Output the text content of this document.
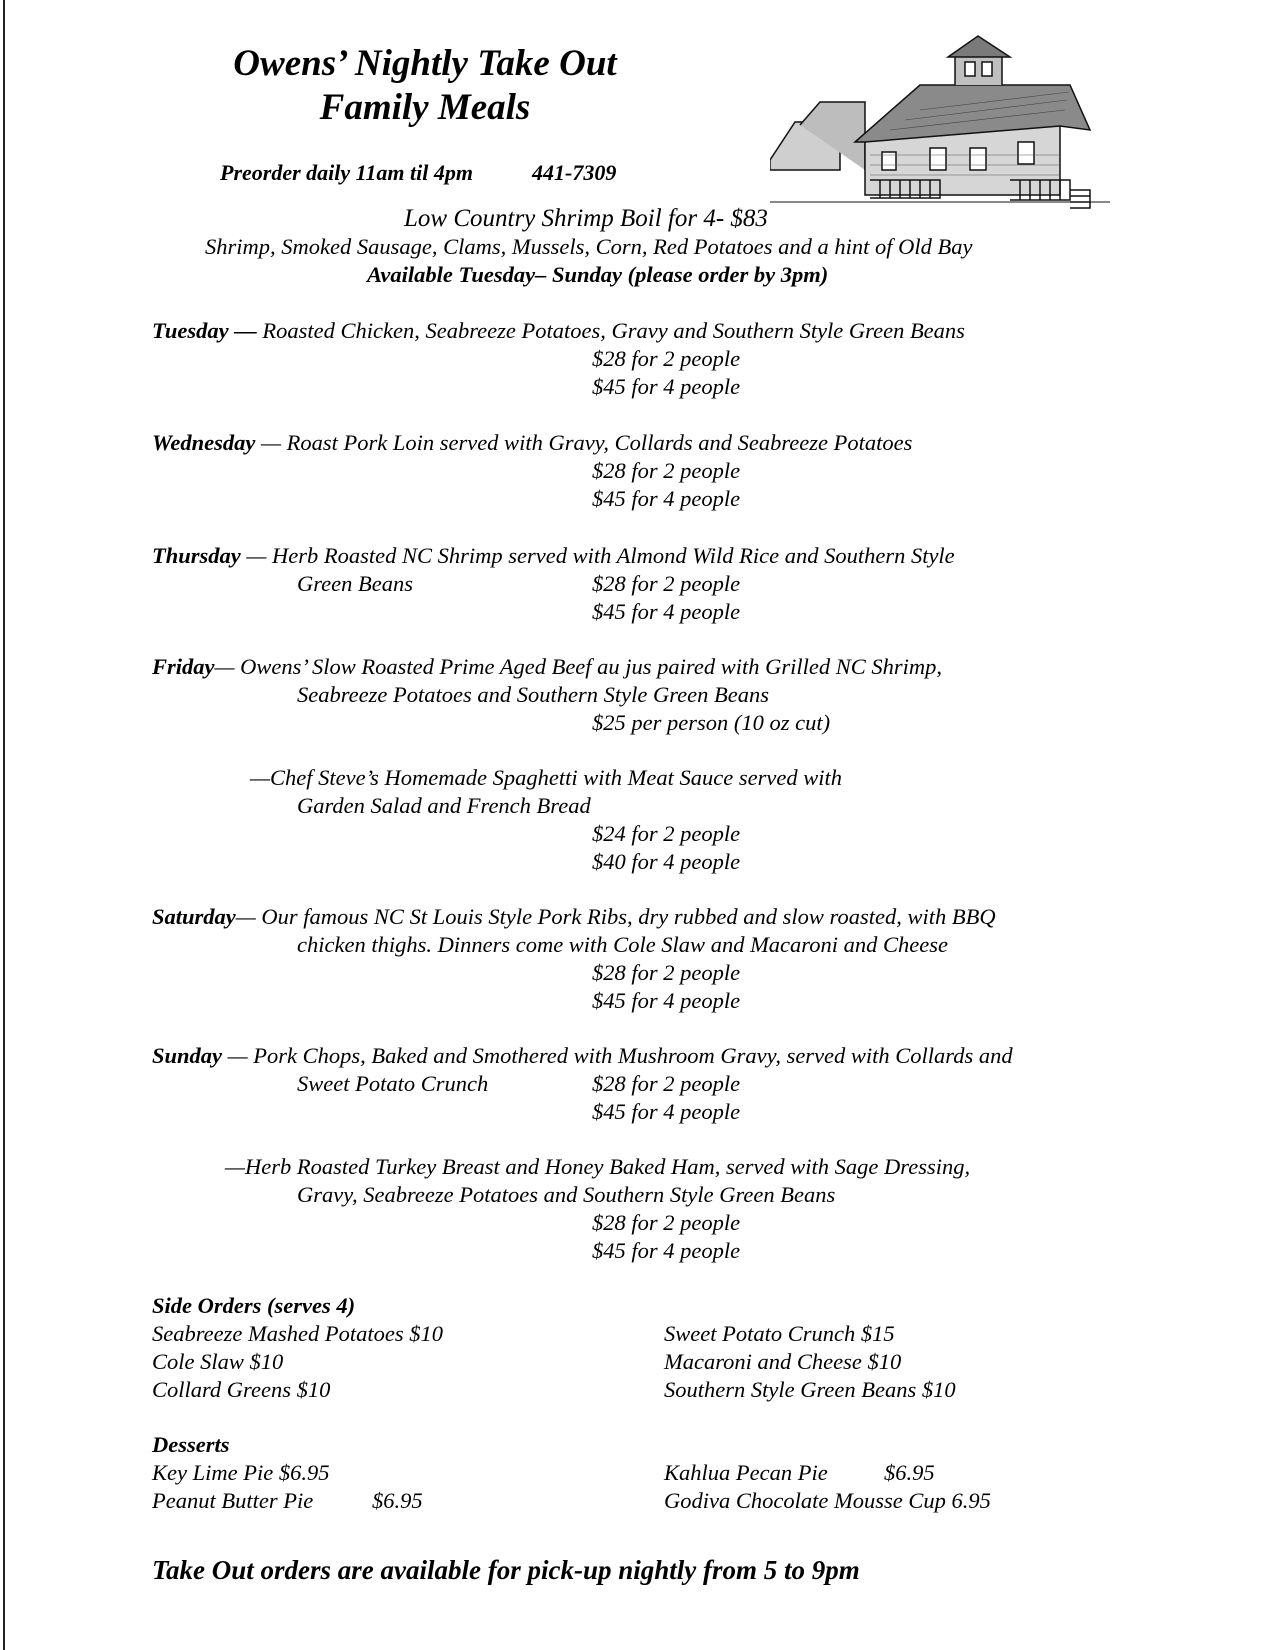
Owens’ Nightly Take Out
Family Meals
Preorder daily 11am til 4pm	441-7309
Low Country Shrimp Boil for 4- $83
Shrimp, Smoked Sausage, Clams, Mussels, Corn, Red Potatoes and a hint of Old Bay
Available Tuesday– Sunday (please order by 3pm)
Tuesday — Roasted Chicken, Seabreeze Potatoes, Gravy and Southern Style Green Beans
$28 for 2 people
$45 for 4 people
Wednesday — Roast Pork Loin served with Gravy, Collards and Seabreeze Potatoes
$28 for 2 people
$45 for 4 people
Thursday — Herb Roasted NC Shrimp served with Almond Wild Rice and Southern Style
Green Beans	$28 for 2 people
$45 for 4 people
Friday— Owens’ Slow Roasted Prime Aged Beef au jus paired with Grilled NC Shrimp,
Seabreeze Potatoes and Southern Style Green Beans
$25 per person (10 oz cut)
—Chef Steve’s Homemade Spaghetti with Meat Sauce served with
Garden Salad and French Bread
$24 for 2 people
$40 for 4 people
Saturday— Our famous NC St Louis Style Pork Ribs, dry rubbed and slow roasted, with BBQ
chicken thighs. Dinners come with Cole Slaw and Macaroni and Cheese
$28 for 2 people
$45 for 4 people
Sunday — Pork Chops, Baked and Smothered with Mushroom Gravy, served with Collards and
Sweet Potato Crunch	$28 for 2 people
$45 for 4 people
—Herb Roasted Turkey Breast and Honey Baked Ham, served with Sage Dressing,
Gravy, Seabreeze Potatoes and Southern Style Green Beans
$28 for 2 people
$45 for 4 people
Side Orders (serves 4)
Seabreeze Mashed Potatoes $10
Cole Slaw $10
Collard Greens $10
Sweet Potato Crunch $15
Macaroni and Cheese $10
Southern Style Green Beans $10
Desserts
Key Lime Pie $6.95
Peanut Butter Pie	$6.95
Kahlua Pecan Pie	$6.95
Godiva Chocolate Mousse Cup 6.95
Take Out orders are available for pick-up nightly from 5 to 9pm
